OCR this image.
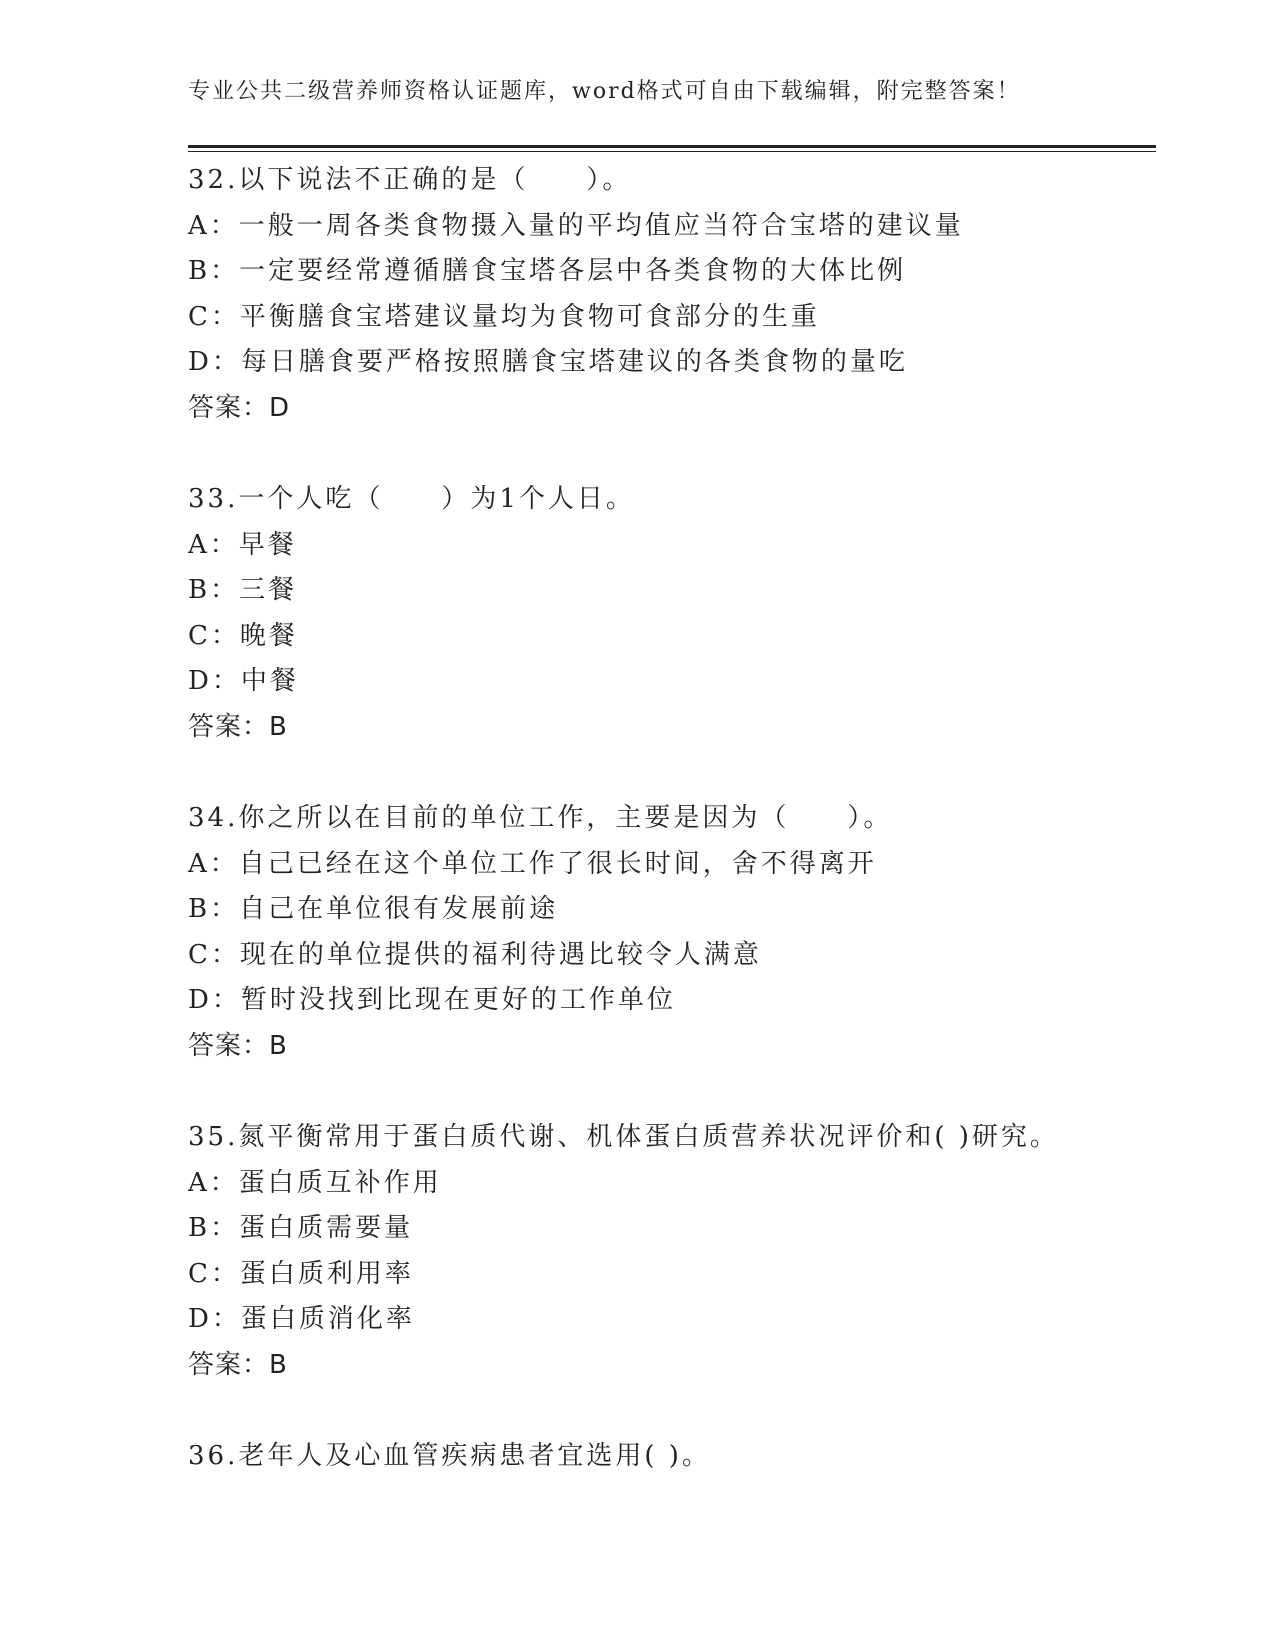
专业公共二级营养师资格认证题库，word格式可自由下载编辑，附完整答案！
32.以下说法不正确的是（　　）。
A：一般一周各类食物摄入量的平均值应当符合宝塔的建议量
B：一定要经常遵循膳食宝塔各层中各类食物的大体比例
C：平衡膳食宝塔建议量均为食物可食部分的生重
D：每日膳食要严格按照膳食宝塔建议的各类食物的量吃
答案：D
33.一个人吃（　　）为1个人日。
A：早餐
B：三餐
C：晚餐
D：中餐
答案：B
34.你之所以在目前的单位工作，主要是因为（　　）。
A：自己已经在这个单位工作了很长时间，舍不得离开
B：自己在单位很有发展前途
C：现在的单位提供的福利待遇比较令人满意
D：暂时没找到比现在更好的工作单位
答案：B
35.氮平衡常用于蛋白质代谢、机体蛋白质营养状况评价和( )研究。
A：蛋白质互补作用
B：蛋白质需要量
C：蛋白质利用率
D：蛋白质消化率
答案：B
36.老年人及心血管疾病患者宜选用( )。
